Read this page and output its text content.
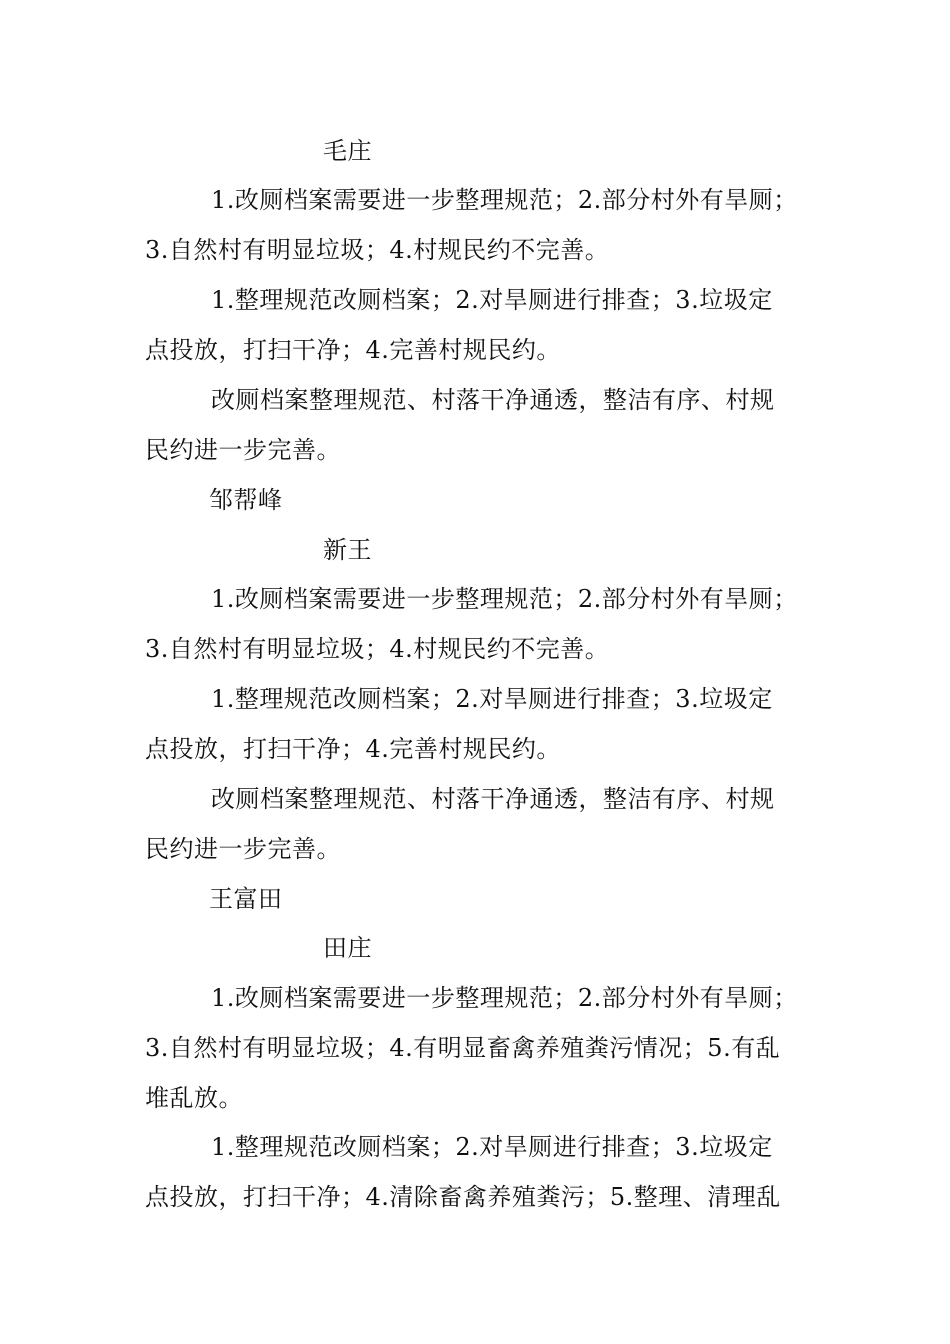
毛庄
1.改厕档案需要进一步整理规范；2.部分村外有旱厕；
3.自然村有明显垃圾；4.村规民约不完善。
1.整理规范改厕档案；2.对旱厕进行排查；3.垃圾定
点投放，打扫干净；4.完善村规民约。
改厕档案整理规范、村落干净通透，整洁有序、村规
民约进一步完善。
邹帮峰
新王
1.改厕档案需要进一步整理规范；2.部分村外有旱厕；
3.自然村有明显垃圾；4.村规民约不完善。
1.整理规范改厕档案；2.对旱厕进行排查；3.垃圾定
点投放，打扫干净；4.完善村规民约。
改厕档案整理规范、村落干净通透，整洁有序、村规
民约进一步完善。
王富田
田庄
1.改厕档案需要进一步整理规范；2.部分村外有旱厕；
3.自然村有明显垃圾；4.有明显畜禽养殖粪污情况；5.有乱
堆乱放。
1.整理规范改厕档案；2.对旱厕进行排查；3.垃圾定
点投放，打扫干净；4.清除畜禽养殖粪污；5.整理、清理乱
